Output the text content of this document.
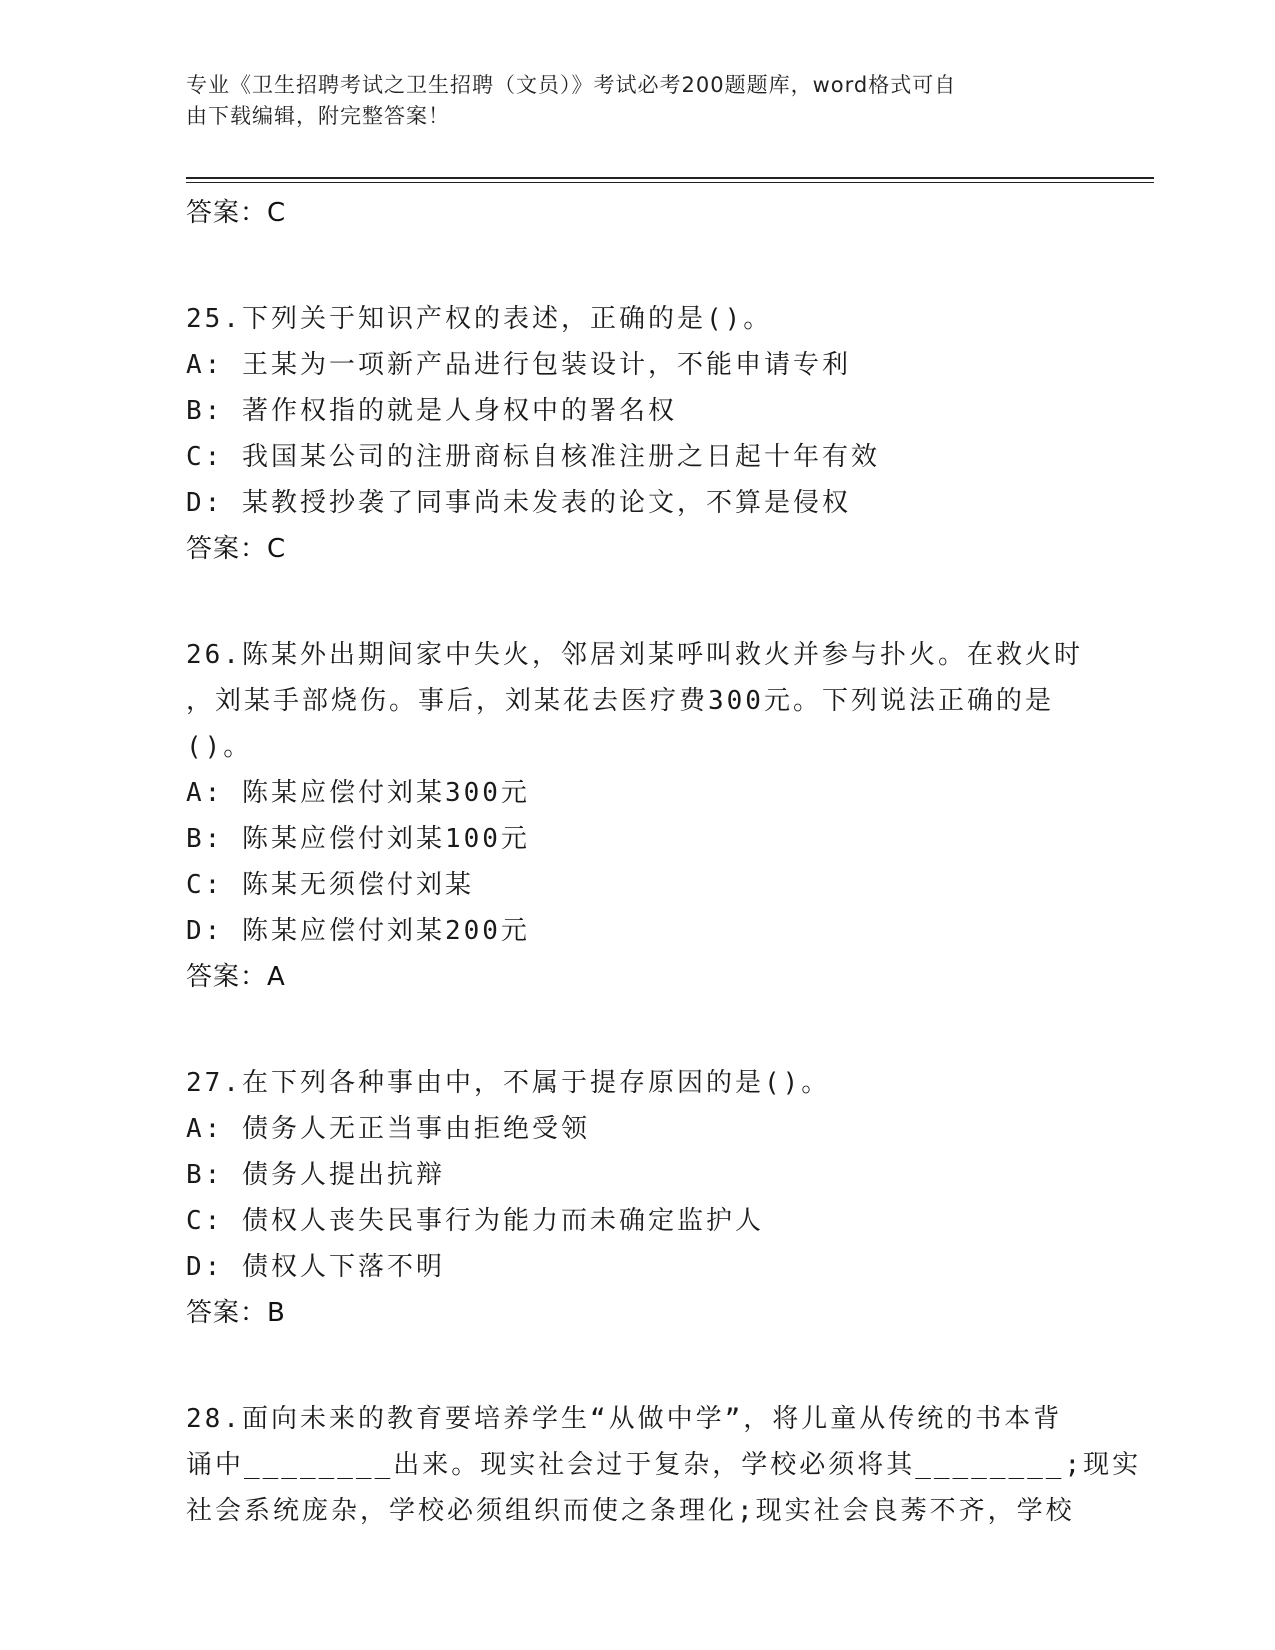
专业《卫生招聘考试之卫生招聘（文员）》考试必考200题题库，word格式可自
由下载编辑，附完整答案！
答案：C
25.下列关于知识产权的表述，正确的是()。
A: 王某为一项新产品进行包装设计，不能申请专利
B: 著作权指的就是人身权中的署名权
C: 我国某公司的注册商标自核准注册之日起十年有效
D: 某教授抄袭了同事尚未发表的论文，不算是侵权
答案：C
26.陈某外出期间家中失火，邻居刘某呼叫救火并参与扑火。在救火时
，刘某手部烧伤。事后，刘某花去医疗费300元。下列说法正确的是
()。
A: 陈某应偿付刘某300元
B: 陈某应偿付刘某100元
C: 陈某无须偿付刘某
D: 陈某应偿付刘某200元
答案：A
27.在下列各种事由中，不属于提存原因的是()。
A: 债务人无正当事由拒绝受领
B: 债务人提出抗辩
C: 债权人丧失民事行为能力而未确定监护人
D: 债权人下落不明
答案：B
28.面向未来的教育要培养学生“从做中学”，将儿童从传统的书本背
诵中________出来。现实社会过于复杂，学校必须将其________;现实
社会系统庞杂，学校必须组织而使之条理化;现实社会良莠不齐，学校
